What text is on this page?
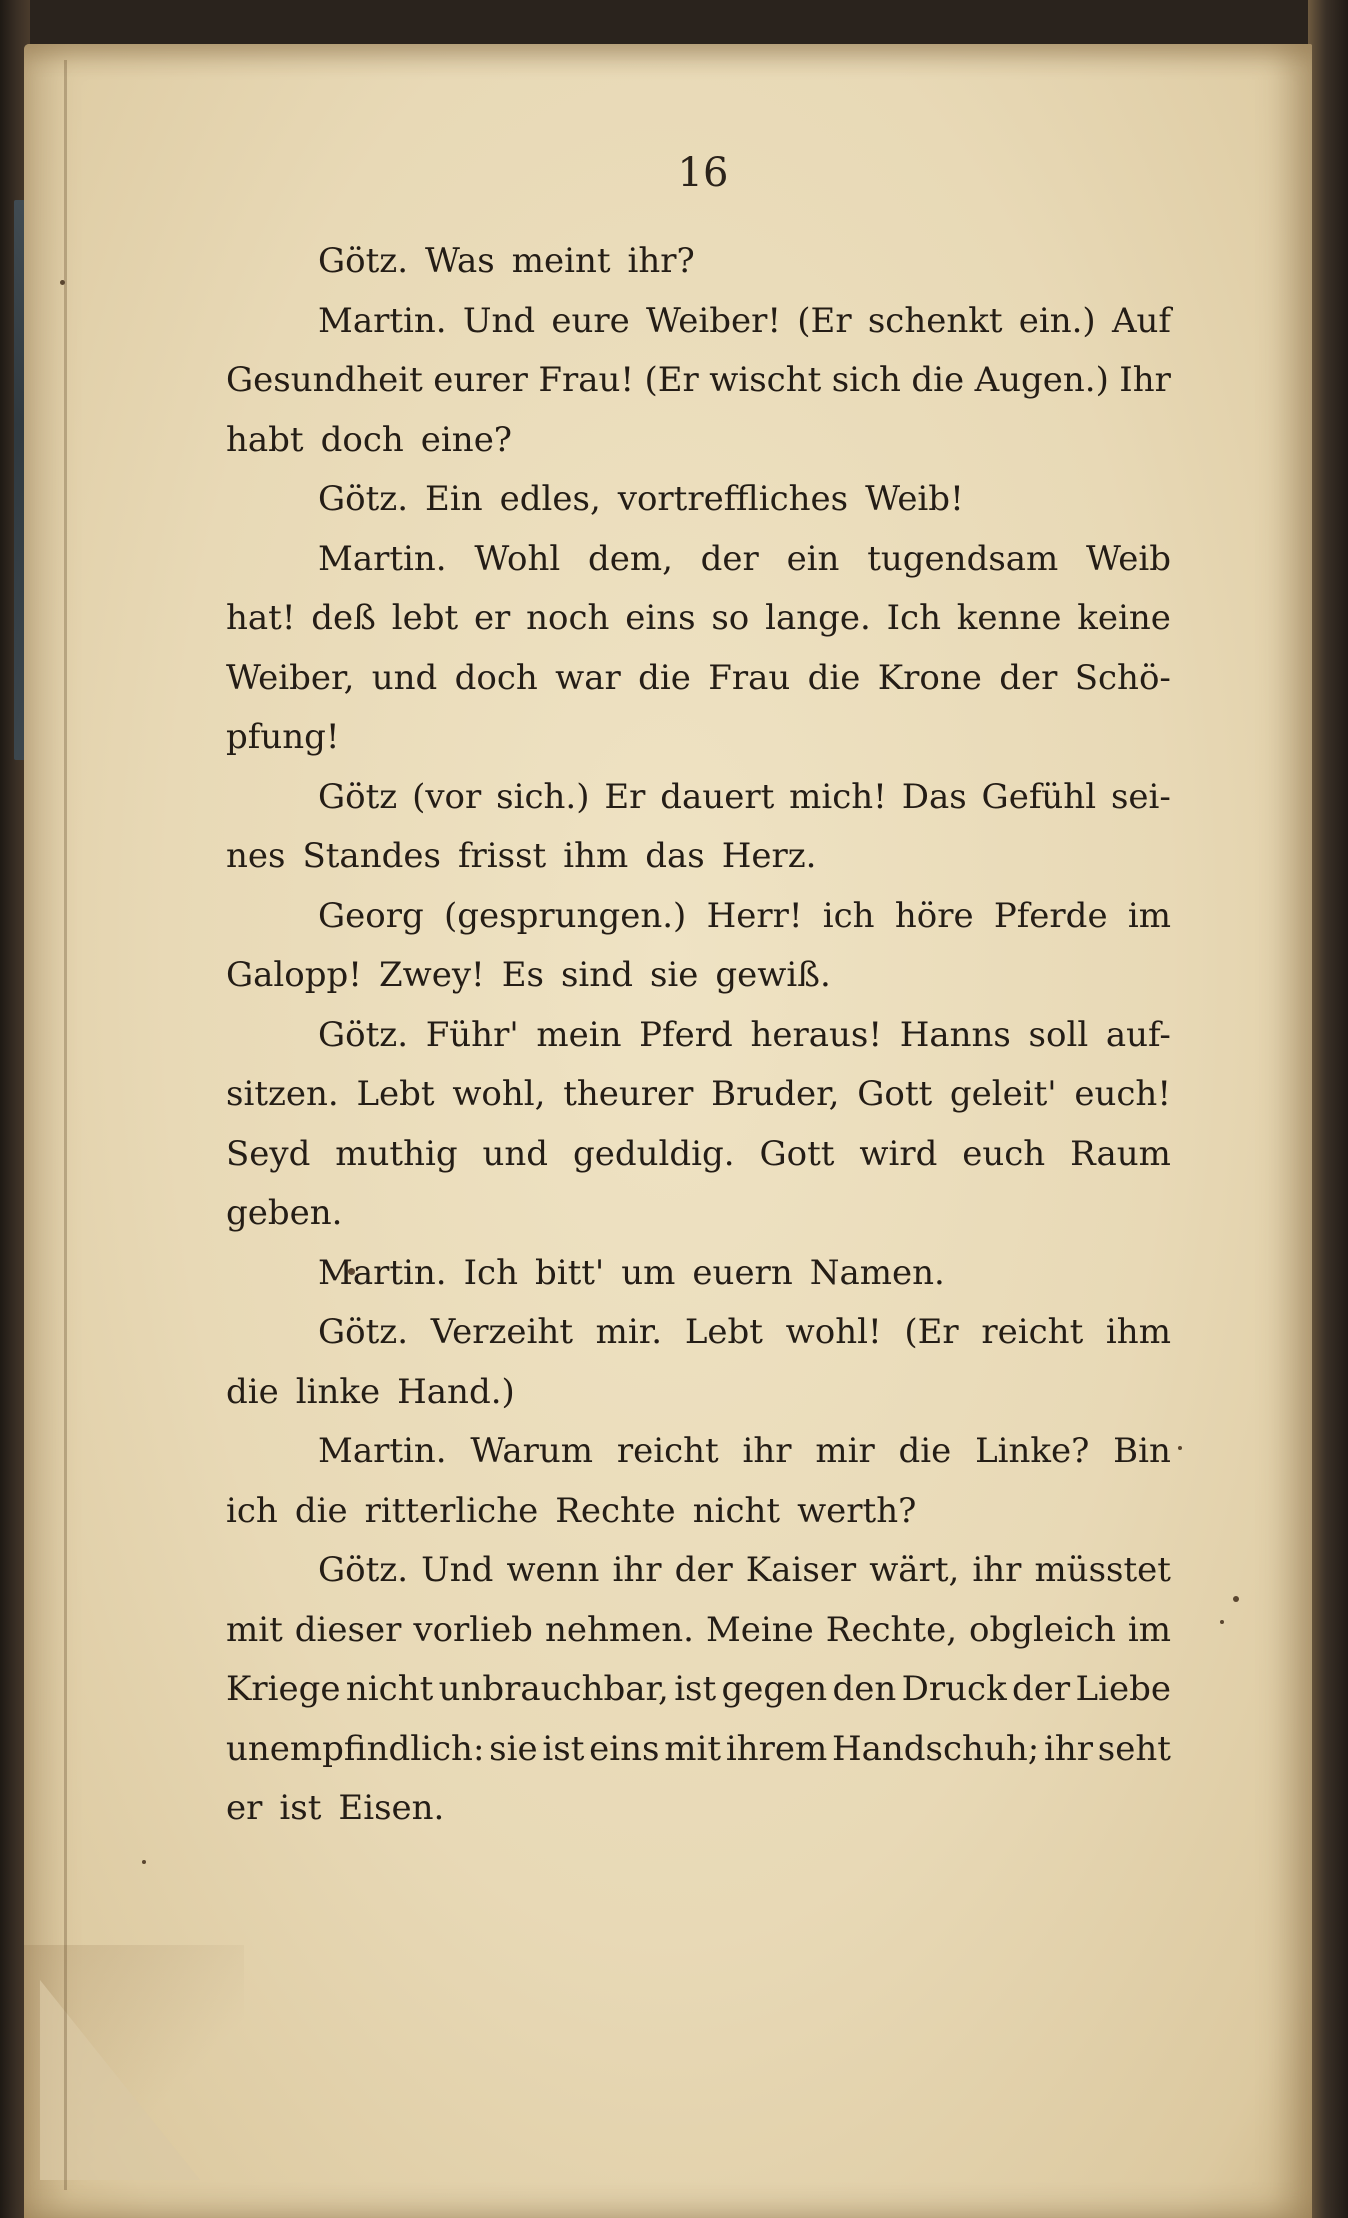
16

Götz. Was meint ihr?
Martin. Und eure Weiber! (Er schenkt ein.) Auf
Gesundheit eurer Frau! (Er wischt sich die Augen.) Ihr
habt doch eine?
Götz. Ein edles, vortreffliches Weib!
Martin. Wohl dem, der ein tugendsam Weib
hat! deß lebt er noch eins so lange. Ich kenne keine
Weiber, und doch war die Frau die Krone der Schö-
pfung!
Götz (vor sich.) Er dauert mich! Das Gefühl sei-
nes Standes frisst ihm das Herz.
Georg (gesprungen.) Herr! ich höre Pferde im
Galopp! Zwey! Es sind sie gewiß.
Götz. Führ' mein Pferd heraus! Hanns soll auf-
sitzen. Lebt wohl, theurer Bruder, Gott geleit' euch!
Seyd muthig und geduldig. Gott wird euch Raum
geben.
Martin. Ich bitt' um euern Namen.
Götz. Verzeiht mir. Lebt wohl! (Er reicht ihm
die linke Hand.)
Martin. Warum reicht ihr mir die Linke? Bin
ich die ritterliche Rechte nicht werth?
Götz. Und wenn ihr der Kaiser wärt, ihr müsstet
mit dieser vorlieb nehmen. Meine Rechte, obgleich im
Kriege nicht unbrauchbar, ist gegen den Druck der Liebe
unempfindlich: sie ist eins mit ihrem Handschuh; ihr seht
er ist Eisen.
